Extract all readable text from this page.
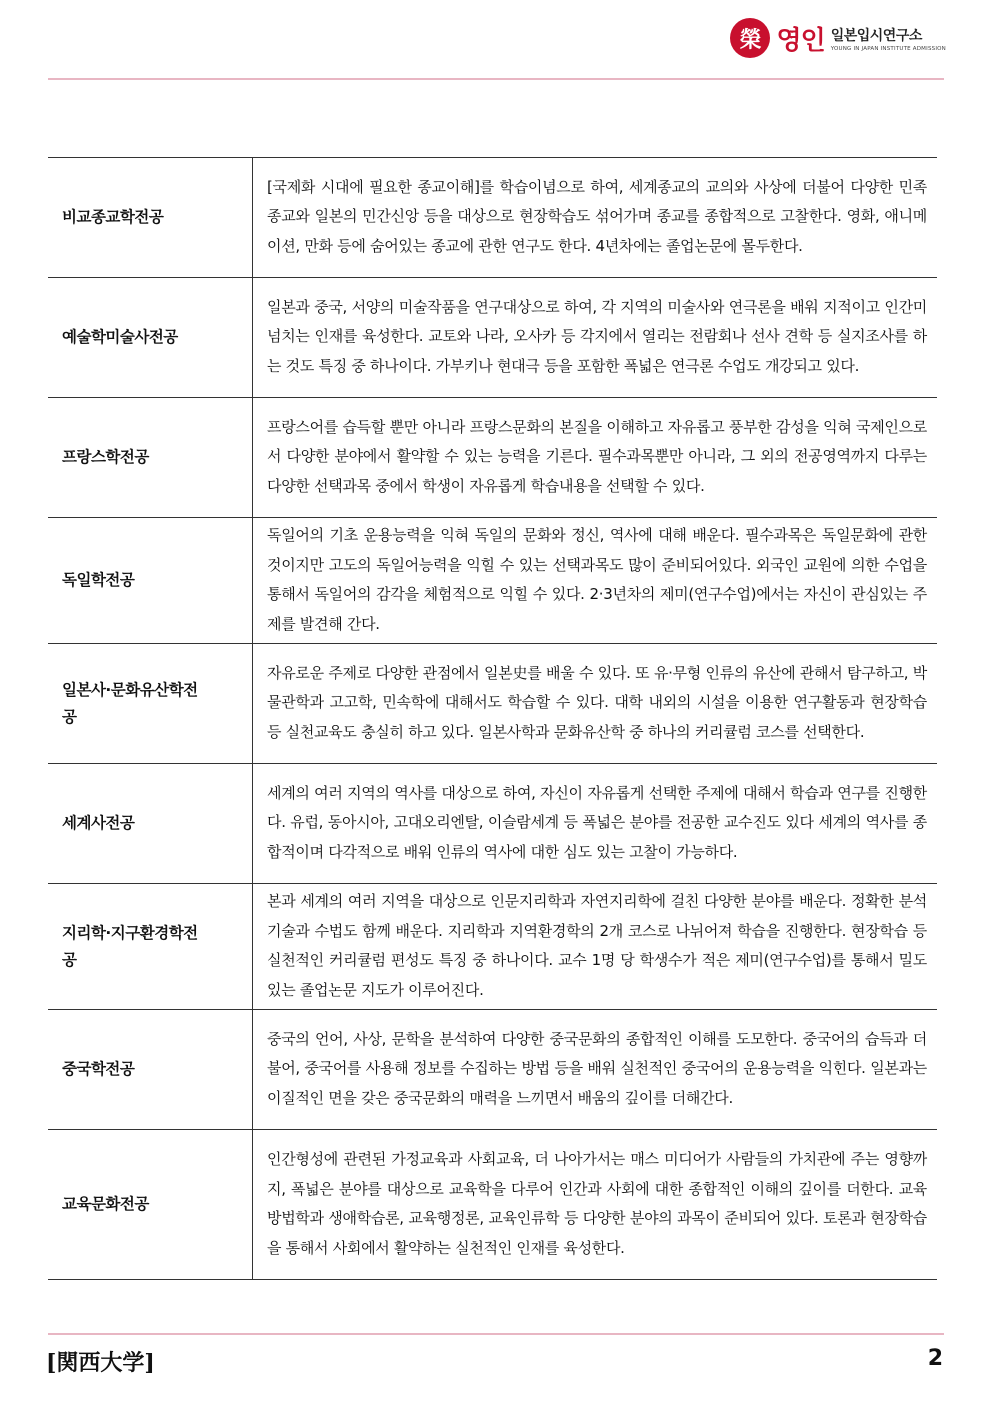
榮 영인 일본입시연구소
YOUNG IN JAPAN INSTITUTE ADMISSION
비교종교학전공	[국제화 시대에 필요한 종교이해]를 학습이념으로 하여, 세계종교의 교의와 사상에 더불어 다양한 민족종교와 일본의 민간신앙 등을 대상으로 현장학습도 섞어가며 종교를 종합적으로 고찰한다. 영화, 애니메이션, 만화 등에 숨어있는 종교에 관한 연구도 한다. 4년차에는 졸업논문에 몰두한다.
예술학미술사전공	일본과 중국, 서양의 미술작품을 연구대상으로 하여, 각 지역의 미술사와 연극론을 배워 지적이고 인간미 넘치는 인재를 육성한다. 교토와 나라, 오사카 등 각지에서 열리는 전람회나 선사 견학 등 실지조사를 하는 것도 특징 중 하나이다. 가부키나 현대극 등을 포함한 폭넓은 연극론 수업도 개강되고 있다.
프랑스학전공	프랑스어를 습득할 뿐만 아니라 프랑스문화의 본질을 이해하고 자유롭고 풍부한 감성을 익혀 국제인으로서 다양한 분야에서 활약할 수 있는 능력을 기른다. 필수과목뿐만 아니라, 그 외의 전공영역까지 다루는 다양한 선택과목 중에서 학생이 자유롭게 학습내용을 선택할 수 있다.
독일학전공	독일어의 기초 운용능력을 익혀 독일의 문화와 정신, 역사에 대해 배운다. 필수과목은 독일문화에 관한 것이지만 고도의 독일어능력을 익힐 수 있는 선택과목도 많이 준비되어있다. 외국인 교원에 의한 수업을 통해서 독일어의 감각을 체험적으로 익힐 수 있다. 2·3년차의 제미(연구수업)에서는 자신이 관심있는 주제를 발견해 간다.
일본사·문화유산학전공	자유로운 주제로 다양한 관점에서 일본史를 배울 수 있다. 또 유·무형 인류의 유산에 관해서 탐구하고, 박물관학과 고고학, 민속학에 대해서도 학습할 수 있다. 대학 내외의 시설을 이용한 연구활동과 현장학습 등 실천교육도 충실히 하고 있다. 일본사학과 문화유산학 중 하나의 커리큘럼 코스를 선택한다.
세계사전공	세계의 여러 지역의 역사를 대상으로 하여, 자신이 자유롭게 선택한 주제에 대해서 학습과 연구를 진행한다. 유럽, 동아시아, 고대오리엔탈, 이슬람세계 등 폭넓은 분야를 전공한 교수진도 있다 세계의 역사를 종합적이며 다각적으로 배워 인류의 역사에 대한 심도 있는 고찰이 가능하다.
지리학·지구환경학전공	본과 세계의 여러 지역을 대상으로 인문지리학과 자연지리학에 걸친 다양한 분야를 배운다. 정확한 분석기술과 수법도 함께 배운다. 지리학과 지역환경학의 2개 코스로 나뉘어져 학습을 진행한다. 현장학습 등 실천적인 커리큘럼 편성도 특징 중 하나이다. 교수 1명 당 학생수가 적은 제미(연구수업)를 통해서 밀도 있는 졸업논문 지도가 이루어진다.
중국학전공	중국의 언어, 사상, 문학을 분석하여 다양한 중국문화의 종합적인 이해를 도모한다. 중국어의 습득과 더불어, 중국어를 사용해 정보를 수집하는 방법 등을 배워 실천적인 중국어의 운용능력을 익힌다. 일본과는 이질적인 면을 갖은 중국문화의 매력을 느끼면서 배움의 깊이를 더해간다.
교육문화전공	인간형성에 관련된 가정교육과 사회교육, 더 나아가서는 매스 미디어가 사람들의 가치관에 주는 영향까지, 폭넓은 분야를 대상으로 교육학을 다루어 인간과 사회에 대한 종합적인 이해의 깊이를 더한다. 교육방법학과 생애학습론, 교육행정론, 교육인류학 등 다양한 분야의 과목이 준비되어 있다. 토론과 현장학습을 통해서 사회에서 활약하는 실천적인 인재를 육성한다.
[関西大学]	2
